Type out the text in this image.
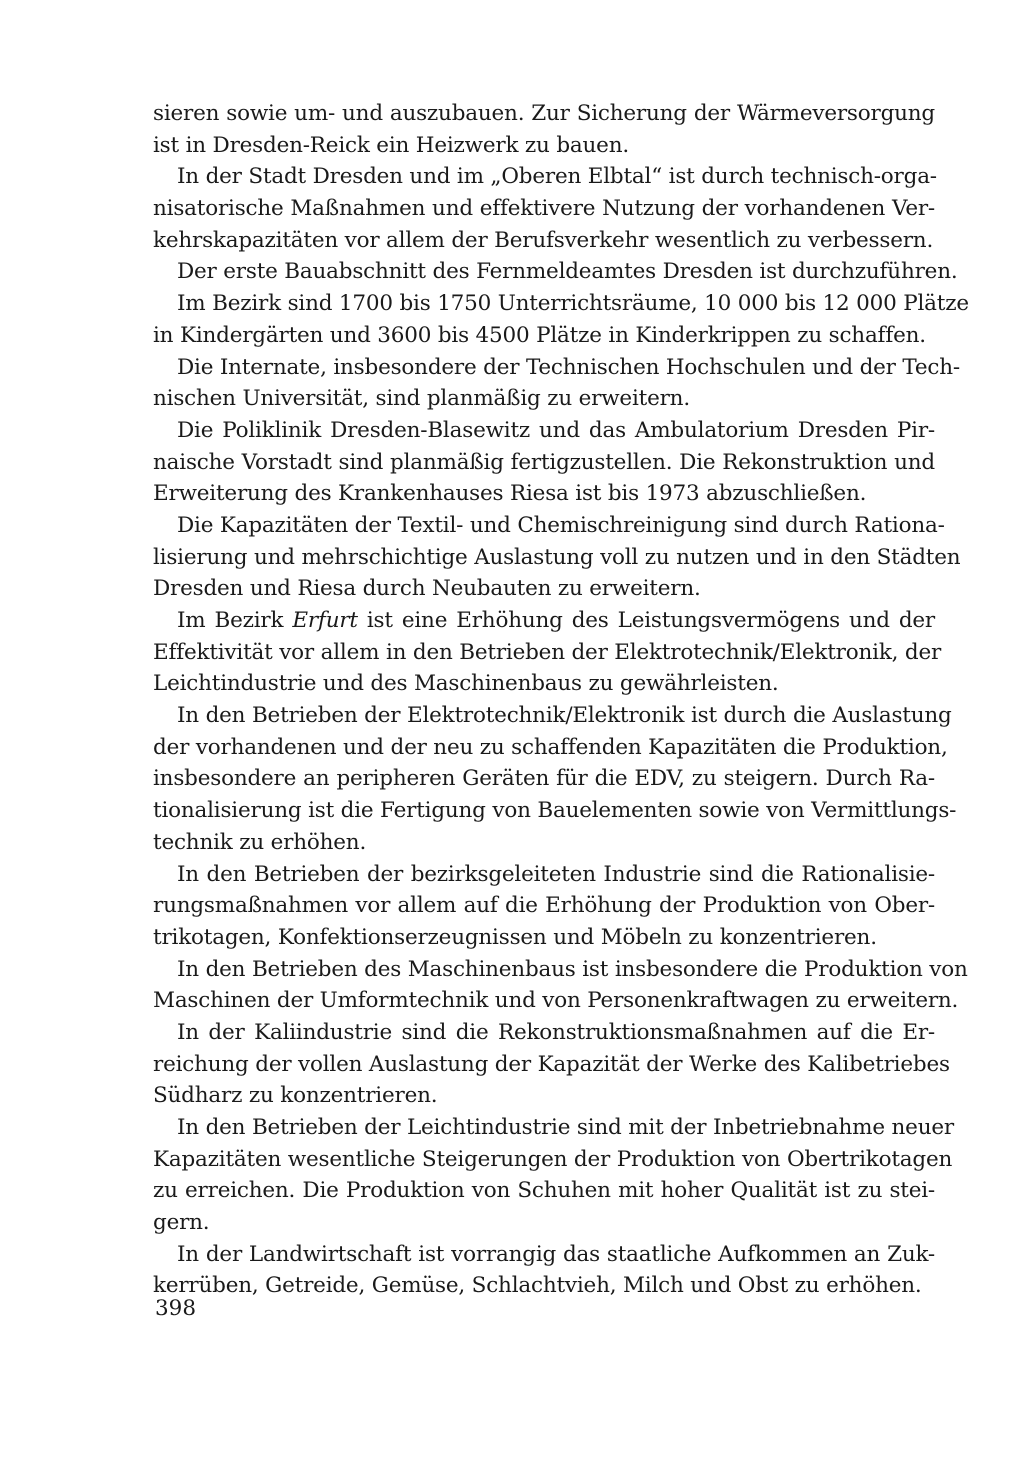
sieren sowie um- und auszubauen. Zur Sicherung der Wärmeversorgung
ist in Dresden-Reick ein Heizwerk zu bauen.
In der Stadt Dresden und im „Oberen Elbtal“ ist durch technisch-orga-
nisatorische Maßnahmen und effektivere Nutzung der vorhandenen Ver-
kehrskapazitäten vor allem der Berufsverkehr wesentlich zu verbessern.
Der erste Bauabschnitt des Fernmeldeamtes Dresden ist durchzuführen.
Im Bezirk sind 1700 bis 1750 Unterrichtsräume, 10 000 bis 12 000 Plätze
in Kindergärten und 3600 bis 4500 Plätze in Kinderkrippen zu schaffen.
Die Internate, insbesondere der Technischen Hochschulen und der Tech-
nischen Universität, sind planmäßig zu erweitern.
Die Poliklinik Dresden-Blasewitz und das Ambulatorium Dresden Pir-
naische Vorstadt sind planmäßig fertigzustellen. Die Rekonstruktion und
Erweiterung des Krankenhauses Riesa ist bis 1973 abzuschließen.
Die Kapazitäten der Textil- und Chemischreinigung sind durch Rationa-
lisierung und mehrschichtige Auslastung voll zu nutzen und in den Städten
Dresden und Riesa durch Neubauten zu erweitern.
Im Bezirk Erfurt ist eine Erhöhung des Leistungsvermögens und der
Effektivität vor allem in den Betrieben der Elektrotechnik/Elektronik, der
Leichtindustrie und des Maschinenbaus zu gewährleisten.
In den Betrieben der Elektrotechnik/Elektronik ist durch die Auslastung
der vorhandenen und der neu zu schaffenden Kapazitäten die Produktion,
insbesondere an peripheren Geräten für die EDV, zu steigern. Durch Ra-
tionalisierung ist die Fertigung von Bauelementen sowie von Vermittlungs-
technik zu erhöhen.
In den Betrieben der bezirksgeleiteten Industrie sind die Rationalisie-
rungsmaßnahmen vor allem auf die Erhöhung der Produktion von Ober-
trikotagen, Konfektionserzeugnissen und Möbeln zu konzentrieren.
In den Betrieben des Maschinenbaus ist insbesondere die Produktion von
Maschinen der Umformtechnik und von Personenkraftwagen zu erweitern.
In der Kaliindustrie sind die Rekonstruktionsmaßnahmen auf die Er-
reichung der vollen Auslastung der Kapazität der Werke des Kalibetriebes
Südharz zu konzentrieren.
In den Betrieben der Leichtindustrie sind mit der Inbetriebnahme neuer
Kapazitäten wesentliche Steigerungen der Produktion von Obertrikotagen
zu erreichen. Die Produktion von Schuhen mit hoher Qualität ist zu stei-
gern.
In der Landwirtschaft ist vorrangig das staatliche Aufkommen an Zuk-
kerrüben, Getreide, Gemüse, Schlachtvieh, Milch und Obst zu erhöhen.
398
